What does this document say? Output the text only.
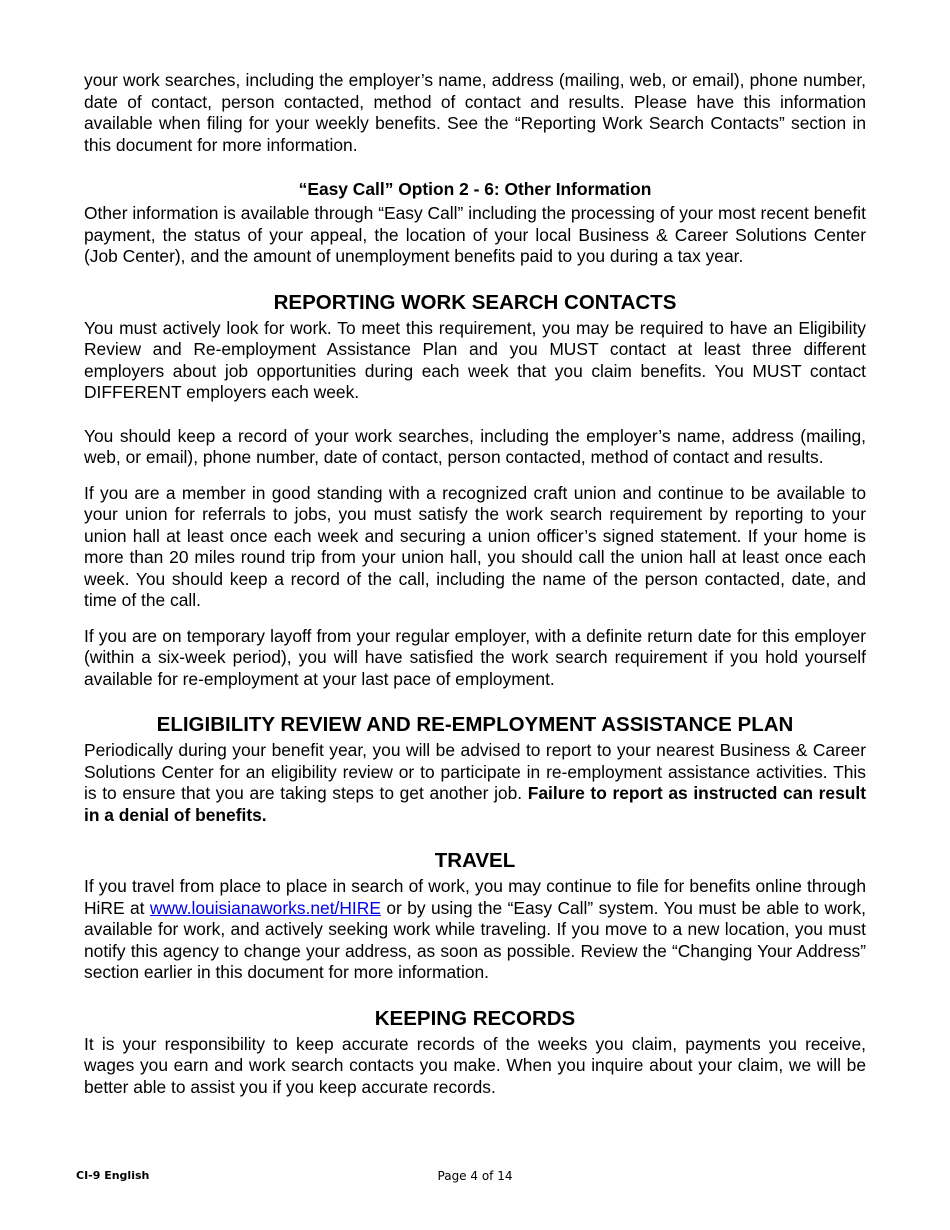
your work searches, including the employer’s name, address (mailing, web, or email), phone number, date of contact, person contacted, method of contact and results. Please have this information available when filing for your weekly benefits. See the “Reporting Work Search Contacts” section in this document for more information.

“Easy Call” Option 2 - 6: Other Information

Other information is available through “Easy Call” including the processing of your most recent benefit payment, the status of your appeal, the location of your local Business & Career Solutions Center (Job Center), and the amount of unemployment benefits paid to you during a tax year.

REPORTING WORK SEARCH CONTACTS

You must actively look for work. To meet this requirement, you may be required to have an Eligibility Review and Re-employment Assistance Plan and you MUST contact at least three different employers about job opportunities during each week that you claim benefits. You MUST contact DIFFERENT employers each week.

You should keep a record of your work searches, including the employer’s name, address (mailing, web, or email), phone number, date of contact, person contacted, method of contact and results.

If you are a member in good standing with a recognized craft union and continue to be available to your union for referrals to jobs, you must satisfy the work search requirement by reporting to your union hall at least once each week and securing a union officer’s signed statement. If your home is more than 20 miles round trip from your union hall, you should call the union hall at least once each week. You should keep a record of the call, including the name of the person contacted, date, and time of the call.

If you are on temporary layoff from your regular employer, with a definite return date for this employer (within a six-week period), you will have satisfied the work search requirement if you hold yourself available for re-employment at your last pace of employment.

ELIGIBILITY REVIEW AND RE-EMPLOYMENT ASSISTANCE PLAN

Periodically during your benefit year, you will be advised to report to your nearest Business & Career Solutions Center for an eligibility review or to participate in re-employment assistance activities. This is to ensure that you are taking steps to get another job. Failure to report as instructed can result in a denial of benefits.

TRAVEL

If you travel from place to place in search of work, you may continue to file for benefits online through HiRE at www.louisianaworks.net/HIRE or by using the “Easy Call” system. You must be able to work, available for work, and actively seeking work while traveling. If you move to a new location, you must notify this agency to change your address, as soon as possible. Review the “Changing Your Address” section earlier in this document for more information.

KEEPING RECORDS

It is your responsibility to keep accurate records of the weeks you claim, payments you receive, wages you earn and work search contacts you make. When you inquire about your claim, we will be better able to assist you if you keep accurate records.

CI-9 English	Page 4 of 14
